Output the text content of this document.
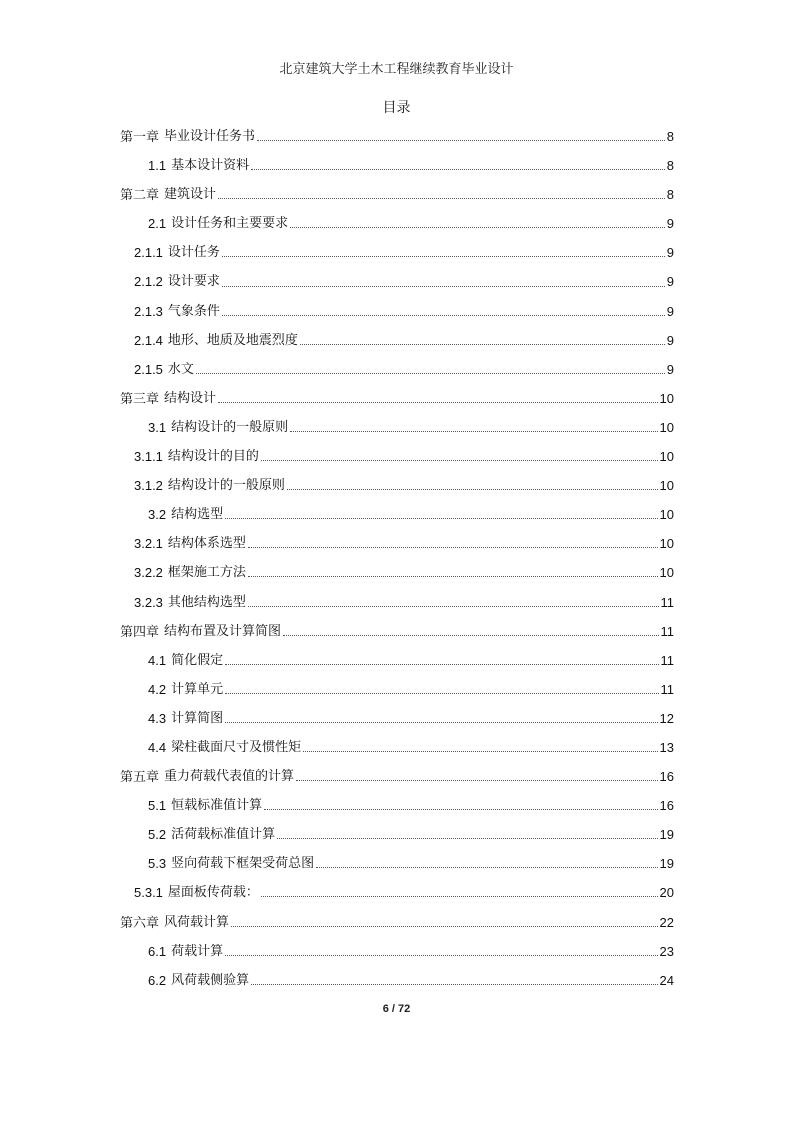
北京建筑大学土木工程继续教育毕业设计
目录
第一章 毕业设计任务书	8
1.1 基本设计资料	8
第二章 建筑设计	8
2.1 设计任务和主要要求	9
2.1.1 设计任务	9
2.1.2 设计要求	9
2.1.3 气象条件	9
2.1.4 地形、地质及地震烈度	9
2.1.5 水文	9
第三章 结构设计	10
3.1 结构设计的一般原则	10
3.1.1 结构设计的目的	10
3.1.2 结构设计的一般原则	10
3.2 结构选型	10
3.2.1 结构体系选型	10
3.2.2 框架施工方法	10
3.2.3 其他结构选型	11
第四章 结构布置及计算简图	11
4.1 简化假定	11
4.2 计算单元	11
4.3 计算简图	12
4.4 梁柱截面尺寸及惯性矩	13
第五章 重力荷载代表值的计算	16
5.1 恒载标准值计算	16
5.2 活荷载标准值计算	19
5.3 竖向荷载下框架受荷总图	19
5.3.1 屋面板传荷载：	20
第六章 风荷载计算	22
6.1 荷载计算	23
6.2 风荷载侧验算	24
6 / 72
